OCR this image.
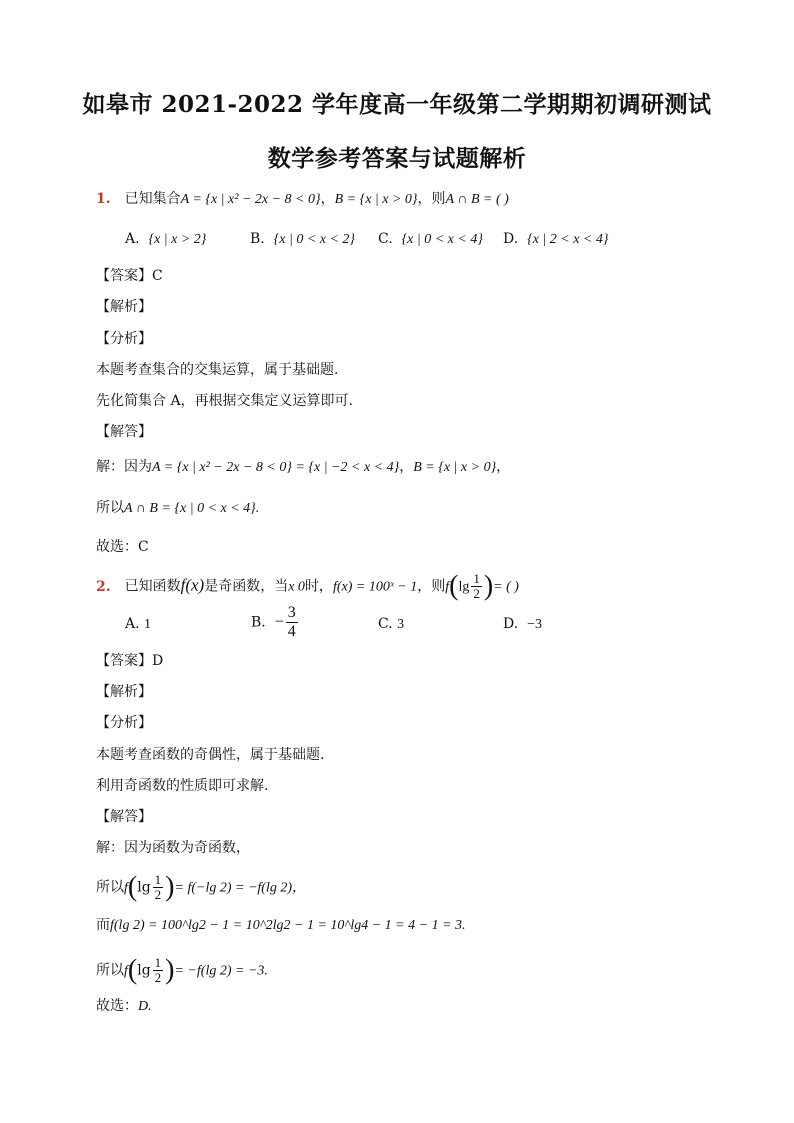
如皋市 2021-2022 学年度高一年级第二学期期初调研测试
数学参考答案与试题解析
1. 已知集合A = {x | x² − 2x − 8 < 0}，B = {x | x > 0}，则A ∩ B = ( )
A. {x | x > 2}	B. {x | 0 < x < 2} C. {x | 0 < x < 4} D. {x | 2 < x < 4}
【答案】C
【解析】
【分析】
本题考查集合的交集运算，属于基础题.
先化简集合 A，再根据交集定义运算即可.
【解答】
解：因为A = {x | x² − 2x − 8 < 0} = {x | −2 < x < 4}，B = {x | x > 0}，
所以A ∩ B = {x | 0 < x < 4}.
故选：C
2. 已知函数f(x)是奇函数，当x 0时，f(x) = 100ˣ − 1，则$f(\lg \frac{1}{2}$ )= ( )
A. 1	B. − $\frac{3}{4}$	C. 3	D. −3
【答案】D
【解析】
【分析】
本题考查函数的奇偶性，属于基础题.
利用奇函数的性质即可求解.
【解答】
解：因为函数为奇函数，
所以$f(\lg \frac{1}{2}$ )= f(−lg 2) = −f(lg 2)，
而f(lg 2) = 100^lg2 − 1 = 10^2lg2 − 1 = 10^lg4 − 1 = 4 − 1 = 3.
所以$f(\lg \frac{1}{2}$ )= −f(lg 2) = −3.
故选：D.
